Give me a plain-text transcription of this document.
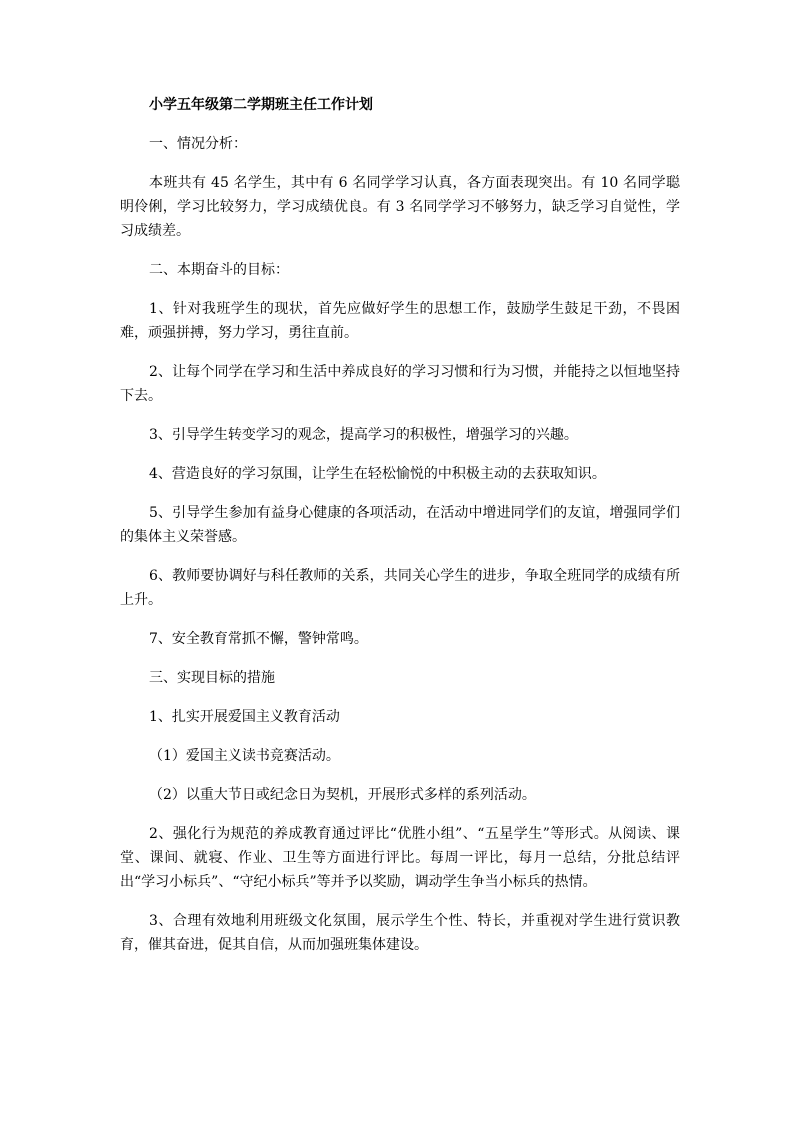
小学五年级第二学期班主任工作计划

一、情况分析：

本班共有 45 名学生，其中有 6 名同学学习认真，各方面表现突出。有 10 名同学聪明伶俐，学习比较努力，学习成绩优良。有 3 名同学学习不够努力，缺乏学习自觉性，学习成绩差。

二、本期奋斗的目标：

1、针对我班学生的现状，首先应做好学生的思想工作，鼓励学生鼓足干劲，不畏困难，顽强拼搏，努力学习，勇往直前。

2、让每个同学在学习和生活中养成良好的学习习惯和行为习惯，并能持之以恒地坚持下去。

3、引导学生转变学习的观念，提高学习的积极性，增强学习的兴趣。

4、营造良好的学习氛围，让学生在轻松愉悦的中积极主动的去获取知识。

5、引导学生参加有益身心健康的各项活动，在活动中增进同学们的友谊，增强同学们的集体主义荣誉感。

6、教师要协调好与科任教师的关系，共同关心学生的进步，争取全班同学的成绩有所上升。

7、安全教育常抓不懈，警钟常鸣。

三、实现目标的措施

1、扎实开展爱国主义教育活动

（1）爱国主义读书竞赛活动。

（2）以重大节日或纪念日为契机，开展形式多样的系列活动。

2、强化行为规范的养成教育通过评比“优胜小组”、“五星学生”等形式。从阅读、课堂、课间、就寝、作业、卫生等方面进行评比。每周一评比，每月一总结，分批总结评出“学习小标兵”、“守纪小标兵”等并予以奖励，调动学生争当小标兵的热情。

3、合理有效地利用班级文化氛围，展示学生个性、特长，并重视对学生进行赏识教育，催其奋进，促其自信，从而加强班集体建设。
